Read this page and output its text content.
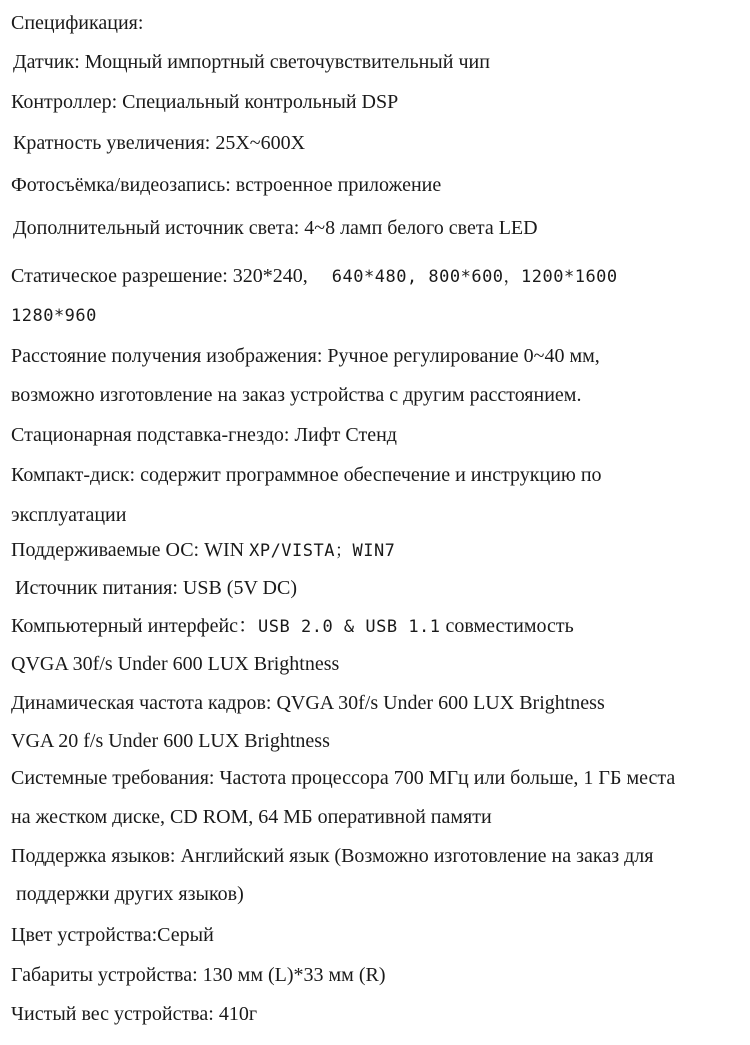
Спецификация:
Датчик: Мощный импортный светочувствительный чип
Контроллер: Специальный контрольный DSP
Кратность увеличения: 25X~600X
Фотосъёмка/видеозапись: встроенное приложение
Дополнительный источник света: 4~8 ламп белого света LED
Статическое разрешение: 320*240, 640*480, 800*600，1200*1600
1280*960
Расстояние получения изображения: Ручное регулирование 0~40 мм,
возможно изготовление на заказ устройства с другим расстоянием.
Стационарная подставка-гнездо: Лифт Стенд
Компакт-диск: содержит программное обеспечение и инструкцию по
эксплуатации
Поддерживаемые ОС: WIN XP/VISTA；WIN7
Источник питания: USB (5V DC)
Компьютерный интерфейс：USB 2.0 & USB 1.1 совместимость
QVGA 30f/s Under 600 LUX Brightness
Динамическая частота кадров: QVGA 30f/s Under 600 LUX Brightness
VGA 20 f/s Under 600 LUX Brightness
Системные требования: Частота процессора 700 МГц или больше, 1 ГБ места
на жестком диске, CD ROM, 64 МБ оперативной памяти
Поддержка языков: Английский язык (Возможно изготовление на заказ для
поддержки других языков)
Цвет устройства:Серый
Габариты устройства: 130 мм (L)*33 мм (R)
Чистый вес устройства: 410г
